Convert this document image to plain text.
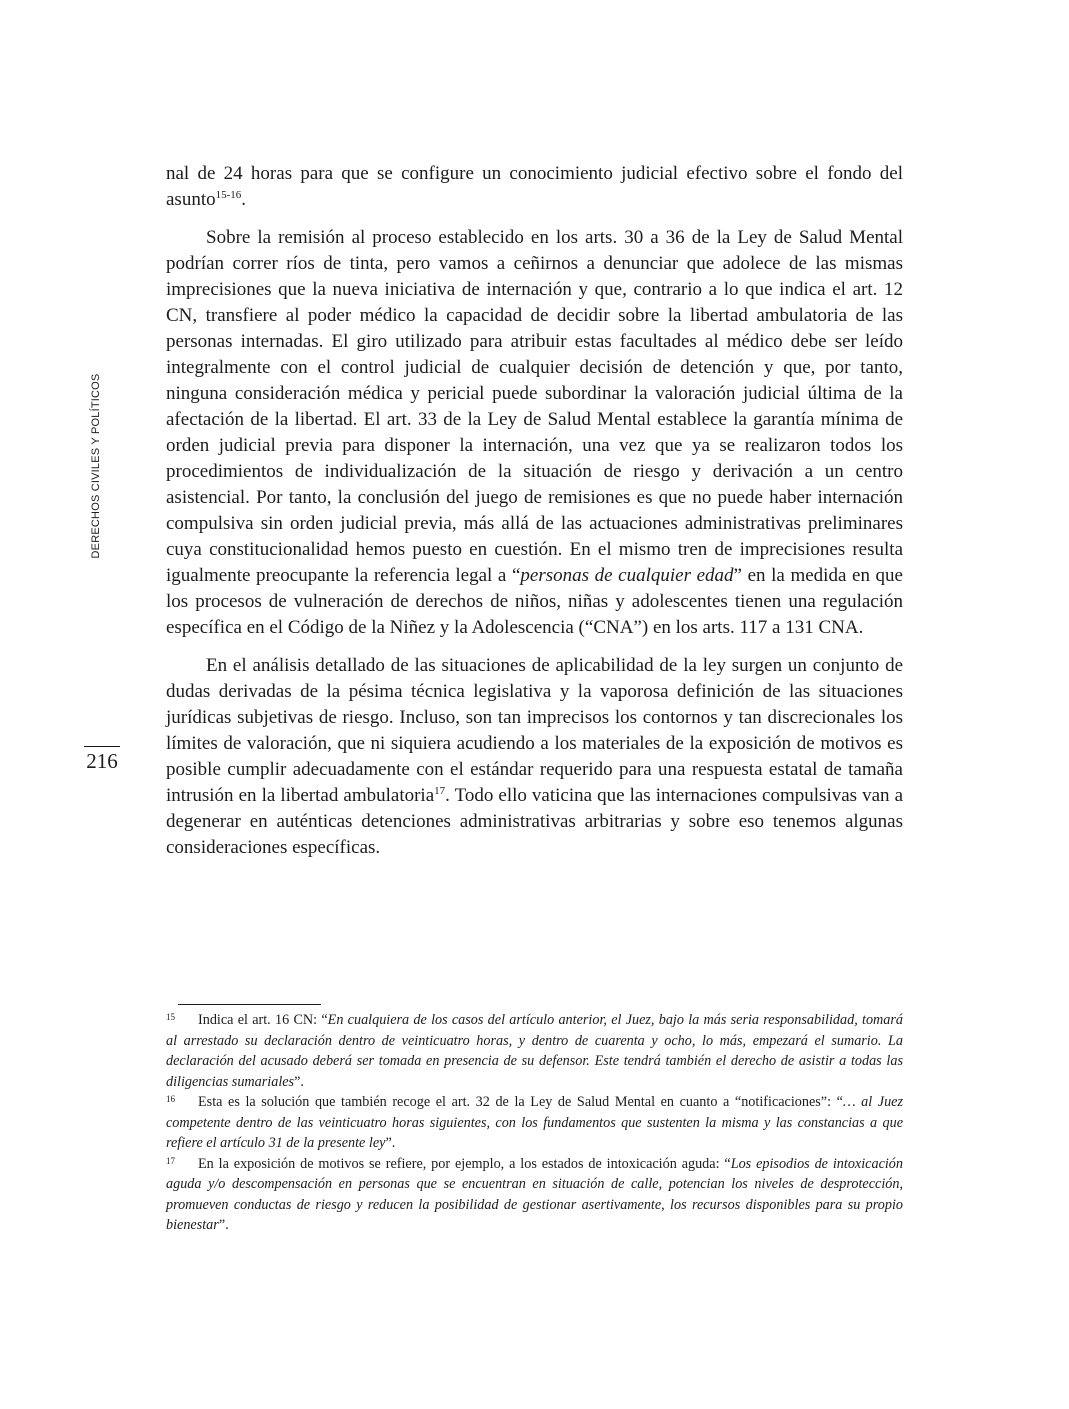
DERECHOS CIVILES Y POLÍTICOS
216

nal de 24 horas para que se configure un conocimiento judicial efectivo sobre el fondo del asunto$^{15-16}$.

Sobre la remisión al proceso establecido en los arts. 30 a 36 de la Ley de Salud Mental podrían correr ríos de tinta, pero vamos a ceñirnos a denunciar que adolece de las mismas imprecisiones que la nueva iniciativa de internación y que, contrario a lo que indica el art. 12 CN, transfiere al poder médico la capacidad de decidir sobre la libertad ambulatoria de las personas internadas. El giro utilizado para atribuir estas facultades al médico debe ser leído integralmente con el control judicial de cualquier decisión de detención y que, por tanto, ninguna consideración médica y pericial puede subordinar la valoración judicial última de la afectación de la libertad. El art. 33 de la Ley de Salud Mental establece la garantía mínima de orden judicial previa para disponer la internación, una vez que ya se realizaron todos los procedimientos de individualización de la situación de riesgo y derivación a un centro asistencial. Por tanto, la conclusión del juego de remisiones es que no puede haber internación compulsiva sin orden judicial previa, más allá de las actuaciones administrativas preliminares cuya constitucionalidad hemos puesto en cuestión. En el mismo tren de imprecisiones resulta igualmente preocupante la referencia legal a “personas de cualquier edad” en la medida en que los procesos de vulneración de derechos de niños, niñas y adolescentes tienen una regulación específica en el Código de la Niñez y la Adolescencia (“CNA”) en los arts. 117 a 131 CNA.

En el análisis detallado de las situaciones de aplicabilidad de la ley surgen un conjunto de dudas derivadas de la pésima técnica legislativa y la vaporosa definición de las situaciones jurídicas subjetivas de riesgo. Incluso, son tan imprecisos los contornos y tan discrecionales los límites de valoración, que ni siquiera acudiendo a los materiales de la exposición de motivos es posible cumplir adecuadamente con el estándar requerido para una respuesta estatal de tamaña intrusión en la libertad ambulatoria$^{17}$. Todo ello vaticina que las internaciones compulsivas van a degenerar en auténticas detenciones administrativas arbitrarias y sobre eso tenemos algunas consideraciones específicas.

15 Indica el art. 16 CN: “En cualquiera de los casos del artículo anterior, el Juez, bajo la más seria responsabilidad, tomará al arrestado su declaración dentro de veinticuatro horas, y dentro de cuarenta y ocho, lo más, empezará el sumario. La declaración del acusado deberá ser tomada en presencia de su defensor. Este tendrá también el derecho de asistir a todas las diligencias sumariales”.

16 Esta es la solución que también recoge el art. 32 de la Ley de Salud Mental en cuanto a “notificaciones”: “… al Juez competente dentro de las veinticuatro horas siguientes, con los fundamentos que sustenten la misma y las constancias a que refiere el artículo 31 de la presente ley”.

17 En la exposición de motivos se refiere, por ejemplo, a los estados de intoxicación aguda: “Los episodios de intoxicación aguda y/o descompensación en personas que se encuentran en situación de calle, potencian los niveles de desprotección, promueven conductas de riesgo y reducen la posibilidad de gestionar asertivamente, los recursos disponibles para su propio bienestar”.
